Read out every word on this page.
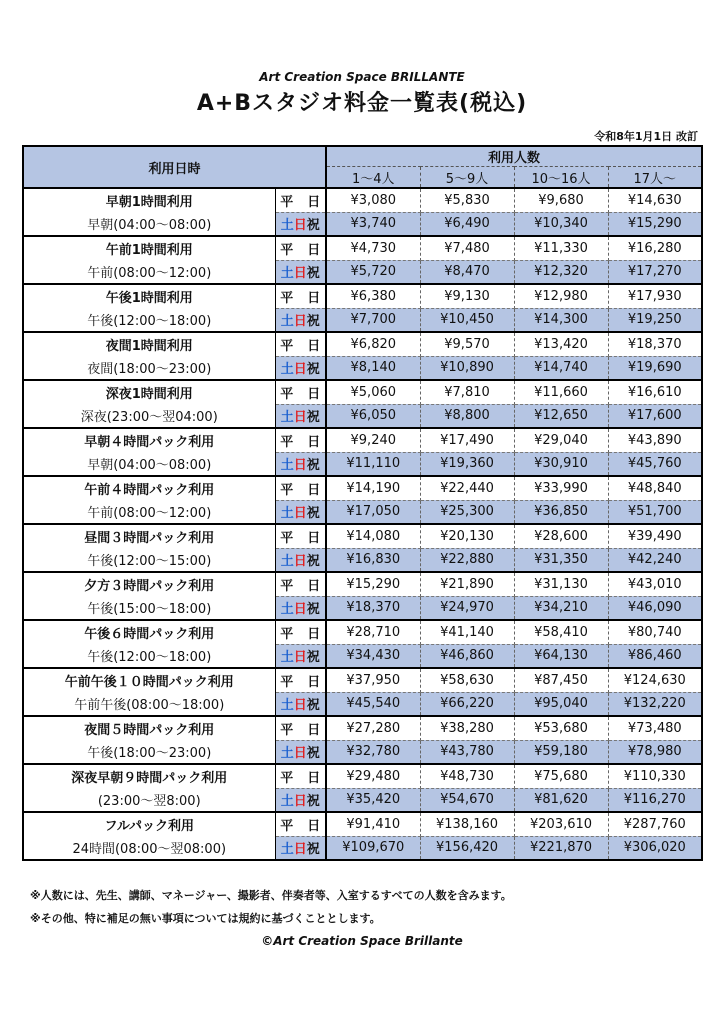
Art Creation Space BRILLANTE
A+Bスタジオ料金一覧表(税込)
令和8年1月1日 改訂
利用日時		利用人数			
		1～4人	5～9人	10～16人	17人～
早朝1時間利用	平 日	¥3,080	¥5,830	¥9,680	¥14,630
早朝(04:00～08:00)	土日祝	¥3,740	¥6,490	¥10,340	¥15,290
午前1時間利用	平 日	¥4,730	¥7,480	¥11,330	¥16,280
午前(08:00～12:00)	土日祝	¥5,720	¥8,470	¥12,320	¥17,270
午後1時間利用	平 日	¥6,380	¥9,130	¥12,980	¥17,930
午後(12:00～18:00)	土日祝	¥7,700	¥10,450	¥14,300	¥19,250
夜間1時間利用	平 日	¥6,820	¥9,570	¥13,420	¥18,370
夜間(18:00～23:00)	土日祝	¥8,140	¥10,890	¥14,740	¥19,690
深夜1時間利用	平 日	¥5,060	¥7,810	¥11,660	¥16,610
深夜(23:00～翌04:00)	土日祝	¥6,050	¥8,800	¥12,650	¥17,600
早朝４時間パック利用	平 日	¥9,240	¥17,490	¥29,040	¥43,890
早朝(04:00～08:00)	土日祝	¥11,110	¥19,360	¥30,910	¥45,760
午前４時間パック利用	平 日	¥14,190	¥22,440	¥33,990	¥48,840
午前(08:00～12:00)	土日祝	¥17,050	¥25,300	¥36,850	¥51,700
昼間３時間パック利用	平 日	¥14,080	¥20,130	¥28,600	¥39,490
午後(12:00～15:00)	土日祝	¥16,830	¥22,880	¥31,350	¥42,240
夕方３時間パック利用	平 日	¥15,290	¥21,890	¥31,130	¥43,010
午後(15:00～18:00)	土日祝	¥18,370	¥24,970	¥34,210	¥46,090
午後６時間パック利用	平 日	¥28,710	¥41,140	¥58,410	¥80,740
午後(12:00～18:00)	土日祝	¥34,430	¥46,860	¥64,130	¥86,460
午前午後１０時間パック利用	平 日	¥37,950	¥58,630	¥87,450	¥124,630
午前午後(08:00～18:00)	土日祝	¥45,540	¥66,220	¥95,040	¥132,220
夜間５時間パック利用	平 日	¥27,280	¥38,280	¥53,680	¥73,480
午後(18:00～23:00)	土日祝	¥32,780	¥43,780	¥59,180	¥78,980
深夜早朝９時間パック利用	平 日	¥29,480	¥48,730	¥75,680	¥110,330
(23:00～翌8:00)	土日祝	¥35,420	¥54,670	¥81,620	¥116,270
フルパック利用	平 日	¥91,410	¥138,160	¥203,610	¥287,760
24時間(08:00～翌08:00)	土日祝	¥109,670	¥156,420	¥221,870	¥306,020
※人数には、先生、講師、マネージャー、撮影者、伴奏者等、入室するすべての人数を含みます。
※その他、特に補足の無い事項については規約に基づくこととします。
©Art Creation Space Brillante
